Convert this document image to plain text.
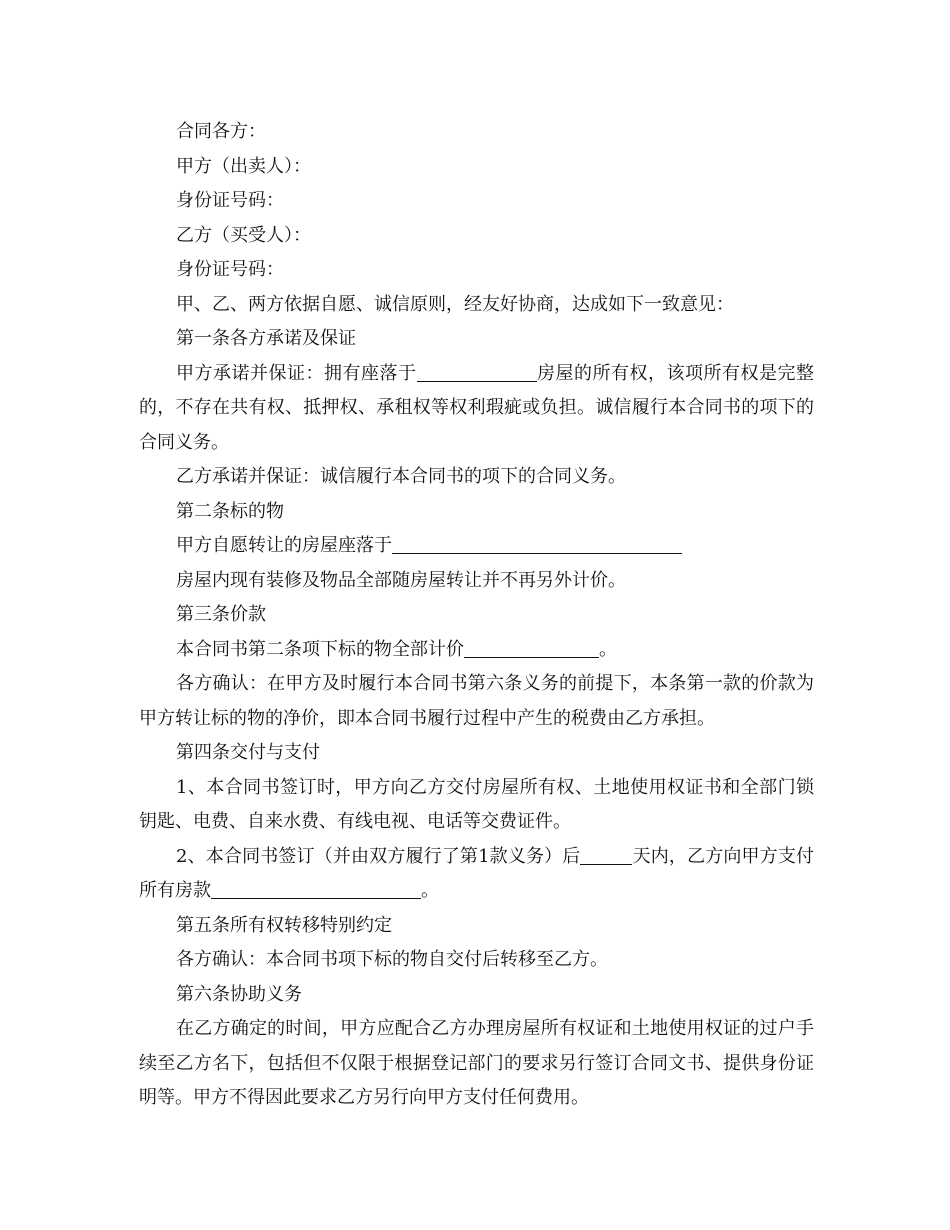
合同各方：

甲方（出卖人）：

身份证号码：

乙方（买受人）：

身份证号码：

甲、乙、两方依据自愿、诚信原则，经友好协商，达成如下一致意见：

第一条各方承诺及保证

甲方承诺并保证：拥有座落于	房屋的所有权，该项所有权是完整的，不存在共有权、抵押权、承租权等权利瑕疵或负担。诚信履行本合同书的项下的合同义务。

乙方承诺并保证：诚信履行本合同书的项下的合同义务。

第二条标的物

甲方自愿转让的房屋座落于

房屋内现有装修及物品全部随房屋转让并不再另外计价。

第三条价款

本合同书第二条项下标的物全部计价	。

各方确认：在甲方及时履行本合同书第六条义务的前提下，本条第一款的价款为甲方转让标的物的净价，即本合同书履行过程中产生的税费由乙方承担。

第四条交付与支付

1、本合同书签订时，甲方向乙方交付房屋所有权、土地使用权证书和全部门锁钥匙、电费、自来水费、有线电视、电话等交费证件。

2、本合同书签订（并由双方履行了第1款义务）后	天内，乙方向甲方支付所有房款	。

第五条所有权转移特别约定

各方确认：本合同书项下标的物自交付后转移至乙方。

第六条协助义务

在乙方确定的时间，甲方应配合乙方办理房屋所有权证和土地使用权证的过户手续至乙方名下，包括但不仅限于根据登记部门的要求另行签订合同文书、提供身份证明等。甲方不得因此要求乙方另行向甲方支付任何费用。
